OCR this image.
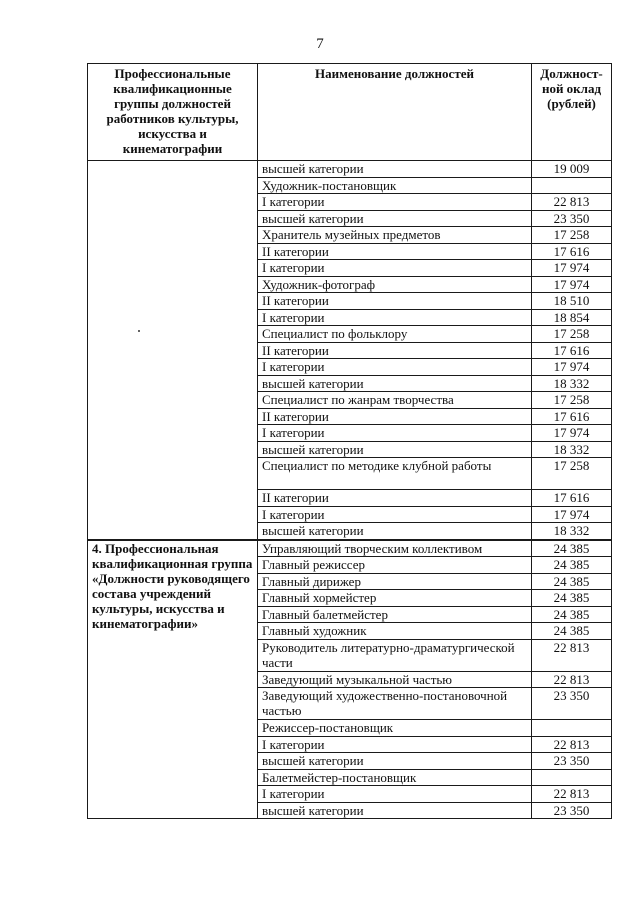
7
Профессиональные квалификационные группы должностей работников культуры, искусства и кинематографии	Наименование должностей	Должност-ной оклад (рублей)
	высшей категории	19 009
	Художник-постановщик	
	I категории	22 813
	высшей категории	23 350
	Хранитель музейных предметов	17 258
	II категории	17 616
	I категории	17 974
	Художник-фотограф	17 974
	II категории	18 510
	I категории	18 854
	Специалист по фольклору	17 258
	II категории	17 616
	I категории	17 974
	высшей категории	18 332
	Специалист по жанрам творчества	17 258
	II категории	17 616
	I категории	17 974
	высшей категории	18 332
	Специалист по методике клубной работы	17 258
	II категории	17 616
	I категории	17 974
	высшей категории	18 332
4. Профессиональная квалификационная группа «Должности руководящего состава учреждений культуры, искусства и кинематографии»	Управляющий творческим коллективом	24 385
	Главный режиссер	24 385
	Главный дирижер	24 385
	Главный хормейстер	24 385
	Главный балетмейстер	24 385
	Главный художник	24 385
	Руководитель литературно-драматургической части	22 813
	Заведующий музыкальной частью	22 813
	Заведующий художественно-постановочной частью	23 350
	Режиссер-постановщик	
	I категории	22 813
	высшей категории	23 350
	Балетмейстер-постановщик	
	I категории	22 813
	высшей категории	23 350
